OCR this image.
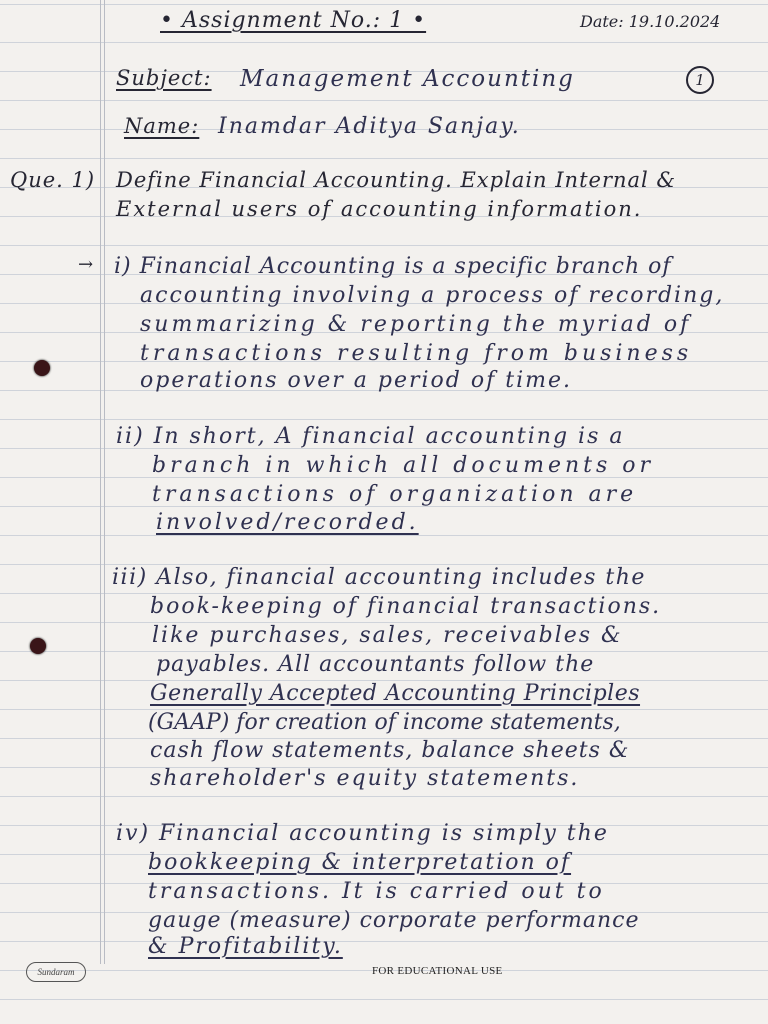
• Assignment No.: 1 •	Date: 19.10.2024
Subject: Management Accounting	1
Name: Inamdar Aditya Sanjay.
Que. 1) Define Financial Accounting. Explain Internal &
External users of accounting information.
→ i) Financial Accounting is a specific branch of
accounting involving a process of recording,
summarizing & reporting the myriad of
transactions resulting from business
operations over a period of time.
ii) In short, A financial accounting is a
branch in which all documents or
transactions of organization are
involved/recorded.
iii) Also, financial accounting includes the
book-keeping of financial transactions.
like purchases, sales, receivables &
payables. All accountants follow the
Generally Accepted Accounting Principles
(GAAP) for creation of income statements,
cash flow statements, balance sheets &
shareholder's equity statements.
iv) Financial accounting is simply the
bookkeeping & interpretation of
transactions. It is carried out to
gauge (measure) corporate performance
& Profitability.
Sundaram	FOR EDUCATIONAL USE
